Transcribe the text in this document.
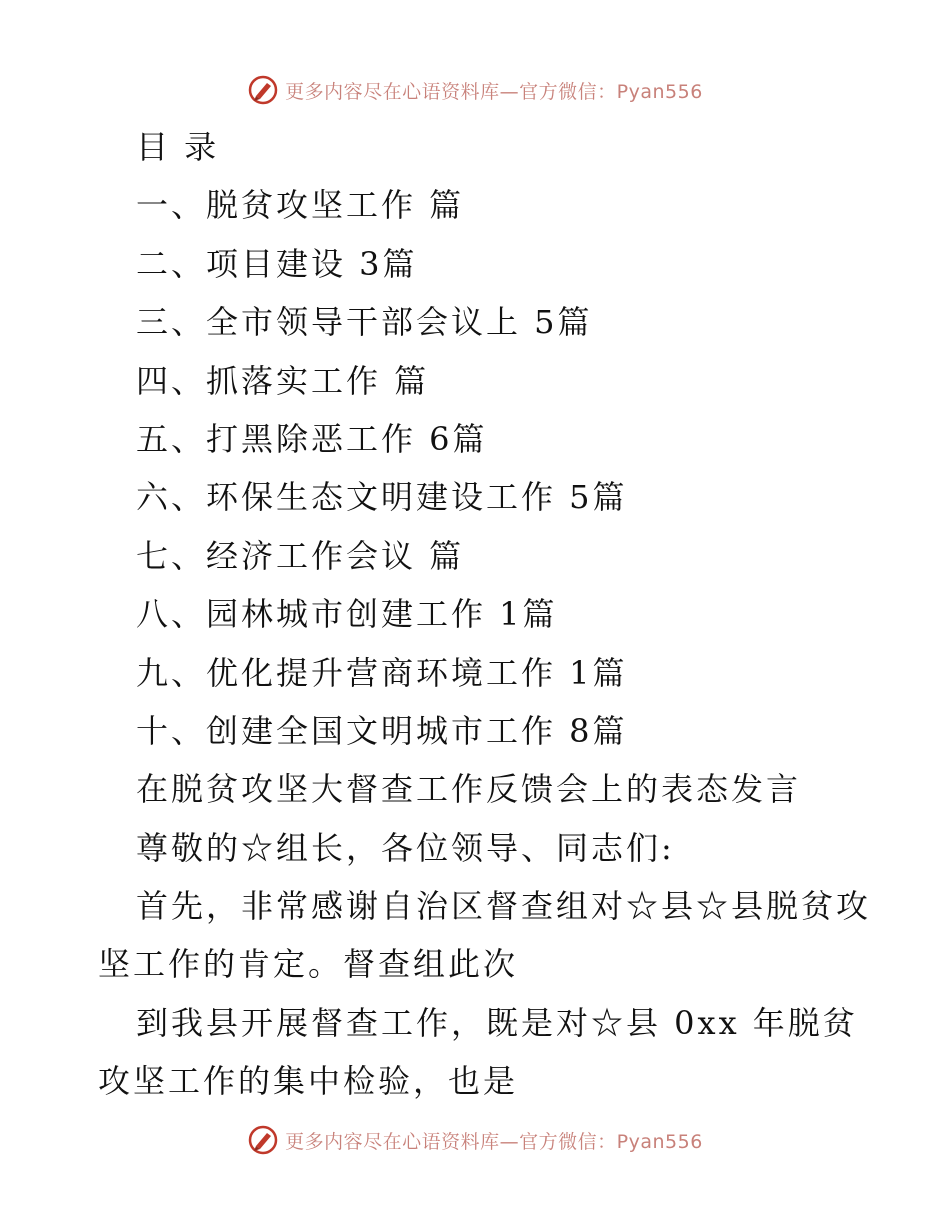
更多内容尽在心语资料库—官方微信：Pyan556
目 录
一、脱贫攻坚工作 篇
二、项目建设 3篇
三、全市领导干部会议上 5篇
四、抓落实工作 篇
五、打黑除恶工作 6篇
六、环保生态文明建设工作 5篇
七、经济工作会议 篇
八、园林城市创建工作 1篇
九、优化提升营商环境工作 1篇
十、创建全国文明城市工作 8篇
在脱贫攻坚大督查工作反馈会上的表态发言
尊敬的☆组长，各位领导、同志们:
首先，非常感谢自治区督查组对☆县☆县脱贫攻
坚工作的肯定。督查组此次
到我县开展督查工作，既是对☆县 0xx 年脱贫
攻坚工作的集中检验，也是
更多内容尽在心语资料库—官方微信：Pyan556
